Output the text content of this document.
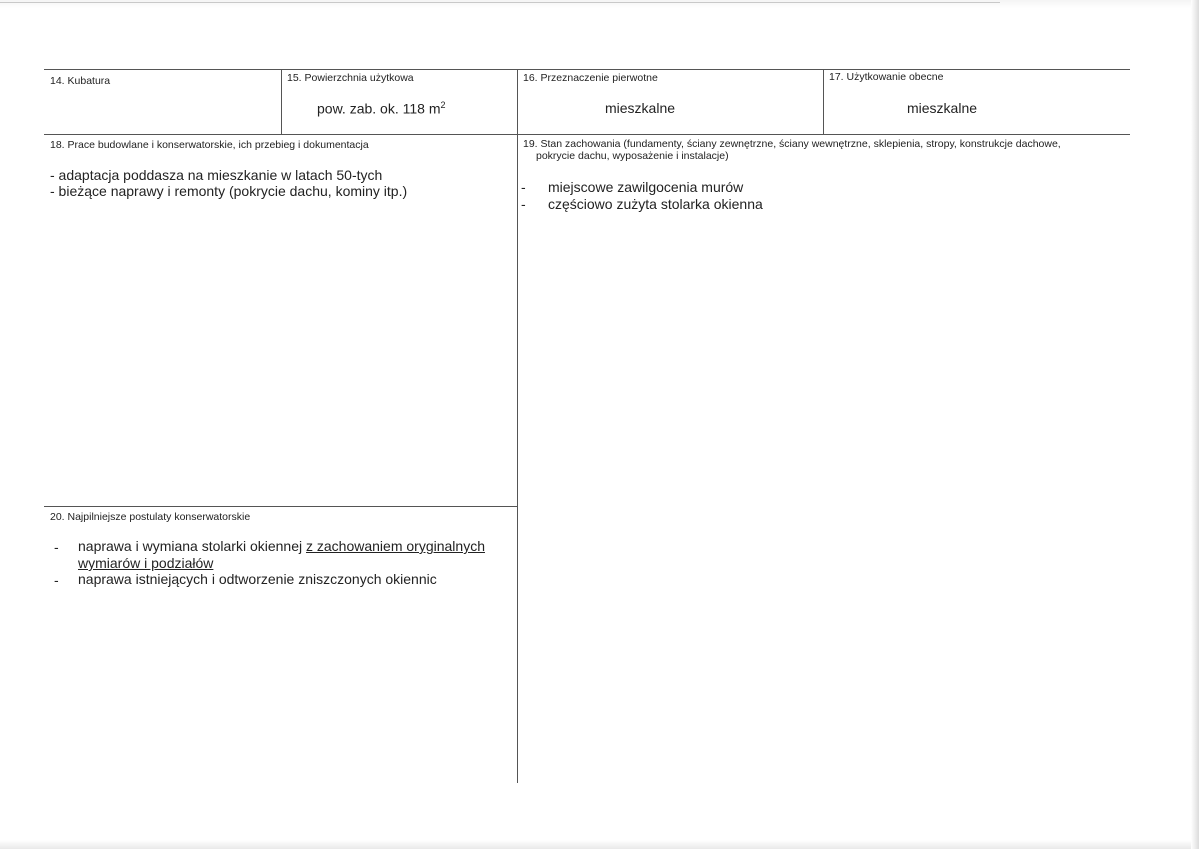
14. Kubatura	15. Powierzchnia użytkowa
pow. zab. ok. 118 $m^2$
16. Przeznaczenie pierwotne
mieszkalne
17. Użytkowanie obecne
mieszkalne
18. Prace budowlane i konserwatorskie, ich przebieg i dokumentacja
- adaptacja poddasza na mieszkanie w latach 50-tych
- bieżące naprawy i remonty (pokrycie dachu, kominy itp.)
19. Stan zachowania (fundamenty, ściany zewnętrzne, ściany wewnętrzne, sklepienia, stropy, konstrukcje dachowe,
pokrycie dachu, wyposażenie i instalacje)
- miejscowe zawilgocenia murów
- częściowo zużyta stolarka okienna
20. Najpilniejsze postulaty konserwatorskie
- naprawa i wymiana stolarki okiennej z zachowaniem oryginalnych
wymiarów i podziałów
- naprawa istniejących i odtworzenie zniszczonych okiennic
